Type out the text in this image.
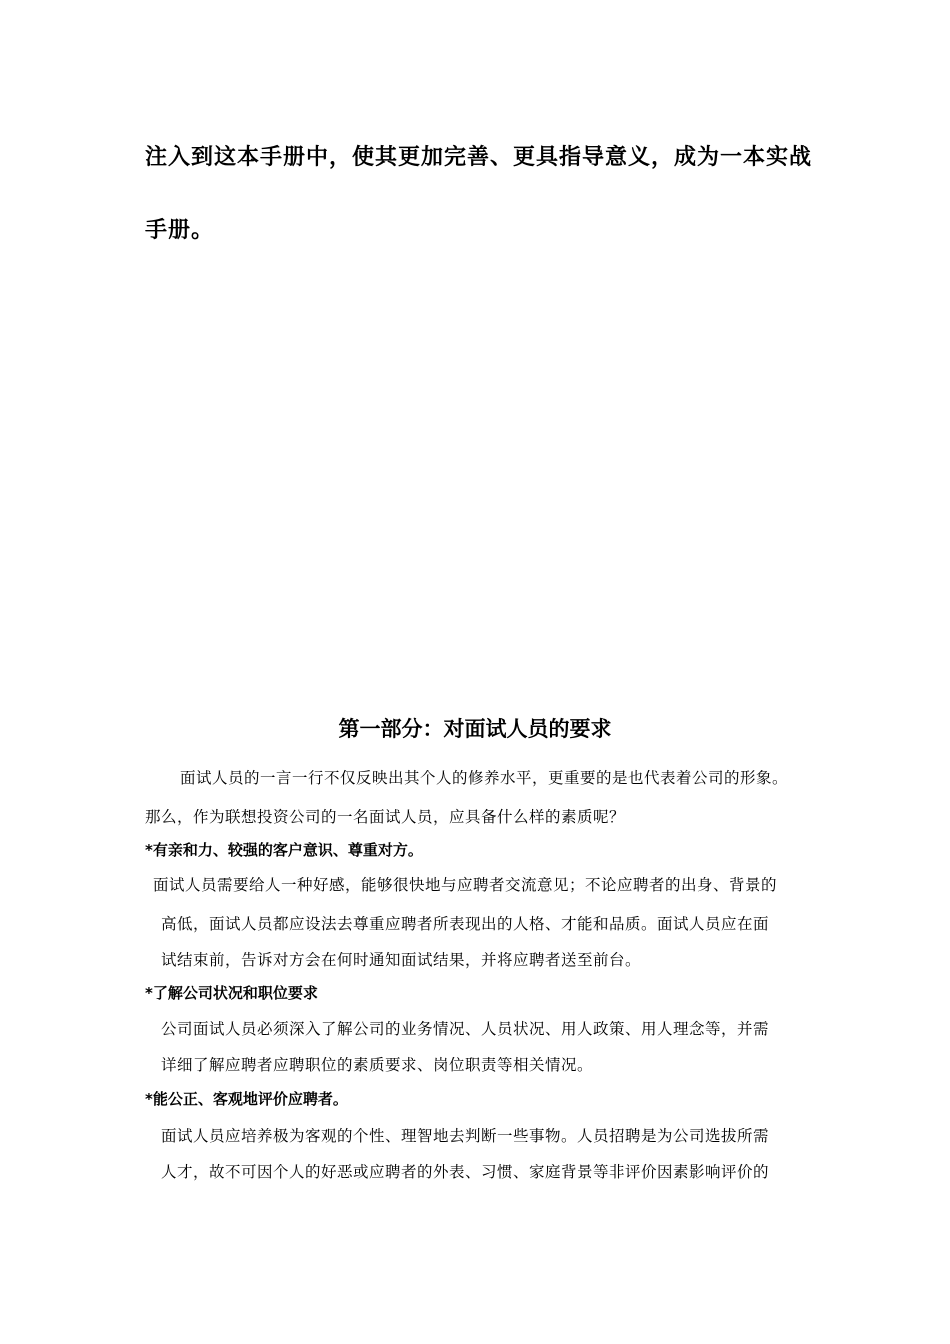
注入到这本手册中，使其更加完善、更具指导意义，成为一本实战
手册。
第一部分：对面试人员的要求
面试人员的一言一行不仅反映出其个人的修养水平，更重要的是也代表着公司的形象。
那么，作为联想投资公司的一名面试人员，应具备什么样的素质呢？
*有亲和力、较强的客户意识、尊重对方。
面试人员需要给人一种好感，能够很快地与应聘者交流意见；不论应聘者的出身、背景的
高低，面试人员都应设法去尊重应聘者所表现出的人格、才能和品质。面试人员应在面
试结束前，告诉对方会在何时通知面试结果，并将应聘者送至前台。
*了解公司状况和职位要求
公司面试人员必须深入了解公司的业务情况、人员状况、用人政策、用人理念等，并需
详细了解应聘者应聘职位的素质要求、岗位职责等相关情况。
*能公正、客观地评价应聘者。
面试人员应培养极为客观的个性、理智地去判断一些事物。人员招聘是为公司选拔所需
人才，故不可因个人的好恶或应聘者的外表、习惯、家庭背景等非评价因素影响评价的
